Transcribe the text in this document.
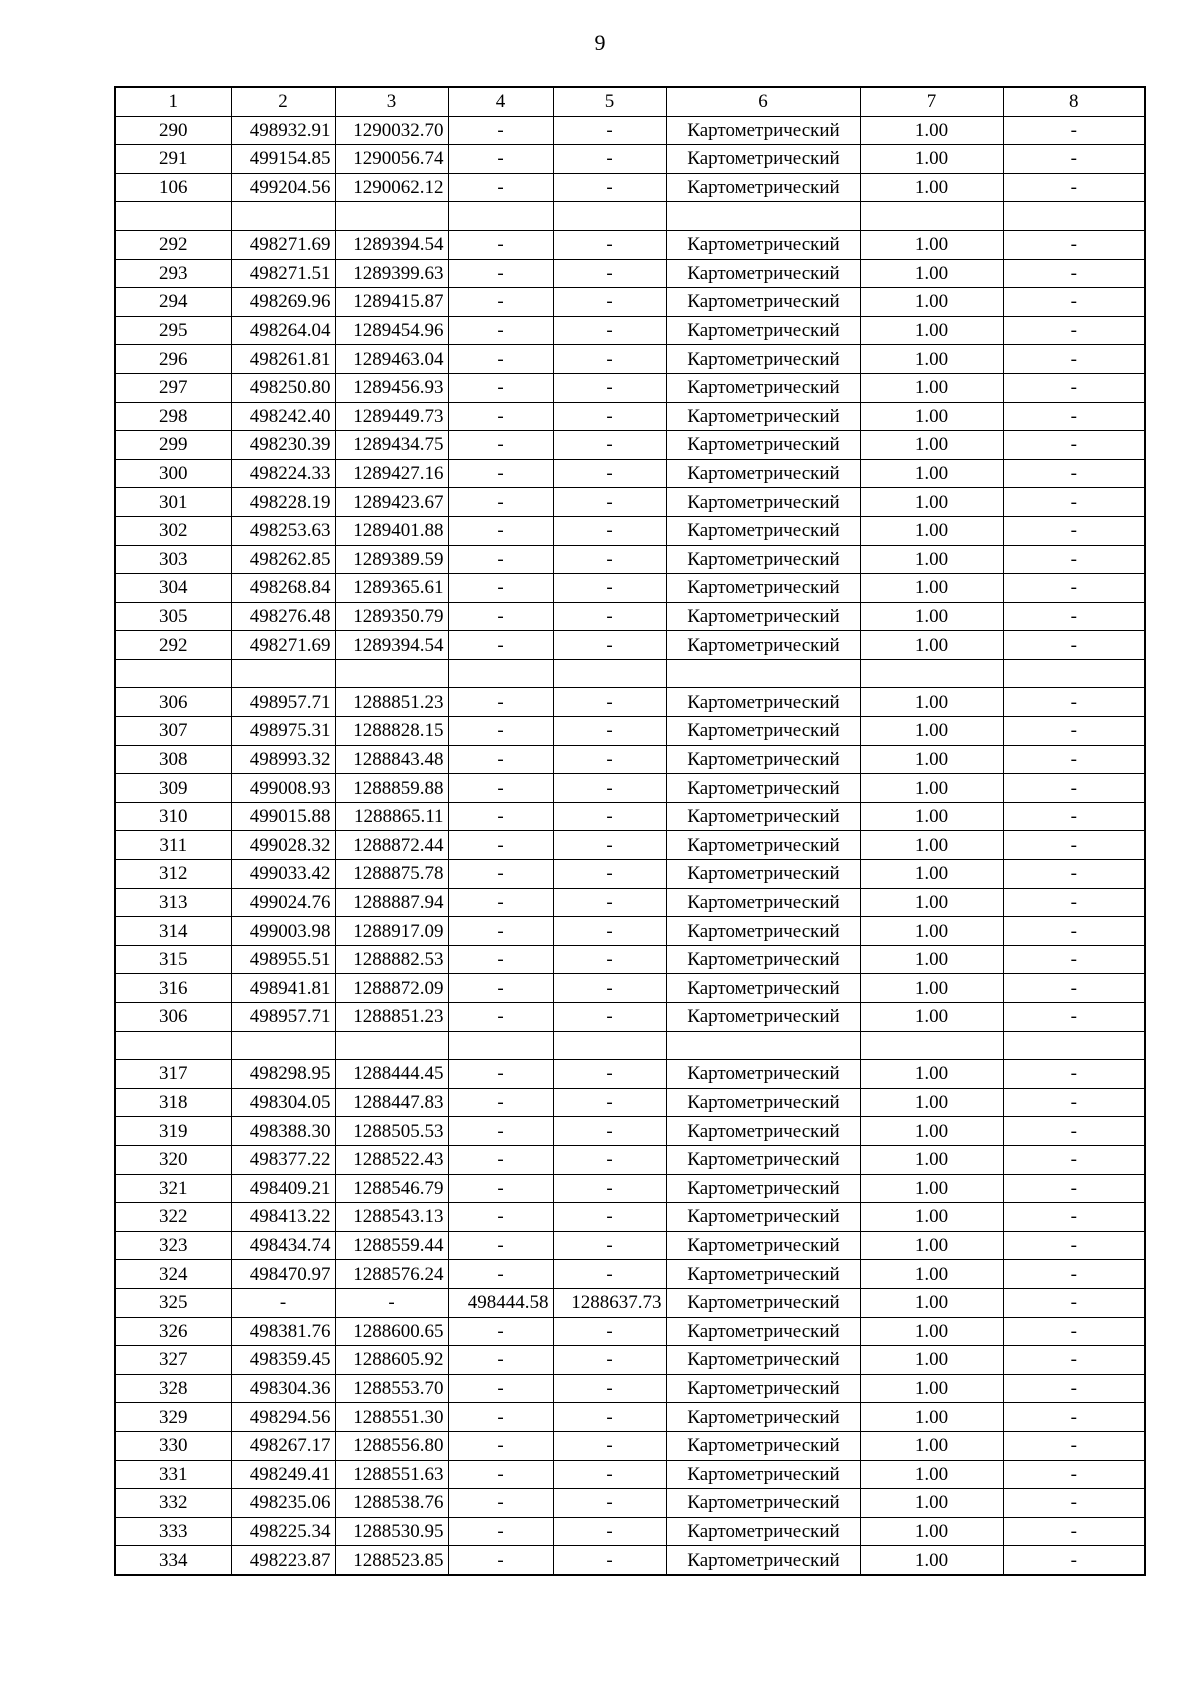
9
1	2	3	4	5	6	7	8
290	498932.91	1290032.70	-	-	Картометрический	1.00	-
291	499154.85	1290056.74	-	-	Картометрический	1.00	-
106	499204.56	1290062.12	-	-	Картометрический	1.00	-

292	498271.69	1289394.54	-	-	Картометрический	1.00	-
293	498271.51	1289399.63	-	-	Картометрический	1.00	-
294	498269.96	1289415.87	-	-	Картометрический	1.00	-
295	498264.04	1289454.96	-	-	Картометрический	1.00	-
296	498261.81	1289463.04	-	-	Картометрический	1.00	-
297	498250.80	1289456.93	-	-	Картометрический	1.00	-
298	498242.40	1289449.73	-	-	Картометрический	1.00	-
299	498230.39	1289434.75	-	-	Картометрический	1.00	-
300	498224.33	1289427.16	-	-	Картометрический	1.00	-
301	498228.19	1289423.67	-	-	Картометрический	1.00	-
302	498253.63	1289401.88	-	-	Картометрический	1.00	-
303	498262.85	1289389.59	-	-	Картометрический	1.00	-
304	498268.84	1289365.61	-	-	Картометрический	1.00	-
305	498276.48	1289350.79	-	-	Картометрический	1.00	-
292	498271.69	1289394.54	-	-	Картометрический	1.00	-

306	498957.71	1288851.23	-	-	Картометрический	1.00	-
307	498975.31	1288828.15	-	-	Картометрический	1.00	-
308	498993.32	1288843.48	-	-	Картометрический	1.00	-
309	499008.93	1288859.88	-	-	Картометрический	1.00	-
310	499015.88	1288865.11	-	-	Картометрический	1.00	-
311	499028.32	1288872.44	-	-	Картометрический	1.00	-
312	499033.42	1288875.78	-	-	Картометрический	1.00	-
313	499024.76	1288887.94	-	-	Картометрический	1.00	-
314	499003.98	1288917.09	-	-	Картометрический	1.00	-
315	498955.51	1288882.53	-	-	Картометрический	1.00	-
316	498941.81	1288872.09	-	-	Картометрический	1.00	-
306	498957.71	1288851.23	-	-	Картометрический	1.00	-

317	498298.95	1288444.45	-	-	Картометрический	1.00	-
318	498304.05	1288447.83	-	-	Картометрический	1.00	-
319	498388.30	1288505.53	-	-	Картометрический	1.00	-
320	498377.22	1288522.43	-	-	Картометрический	1.00	-
321	498409.21	1288546.79	-	-	Картометрический	1.00	-
322	498413.22	1288543.13	-	-	Картометрический	1.00	-
323	498434.74	1288559.44	-	-	Картометрический	1.00	-
324	498470.97	1288576.24	-	-	Картометрический	1.00	-
325	-	-	498444.58	1288637.73	Картометрический	1.00	-
326	498381.76	1288600.65	-	-	Картометрический	1.00	-
327	498359.45	1288605.92	-	-	Картометрический	1.00	-
328	498304.36	1288553.70	-	-	Картометрический	1.00	-
329	498294.56	1288551.30	-	-	Картометрический	1.00	-
330	498267.17	1288556.80	-	-	Картометрический	1.00	-
331	498249.41	1288551.63	-	-	Картометрический	1.00	-
332	498235.06	1288538.76	-	-	Картометрический	1.00	-
333	498225.34	1288530.95	-	-	Картометрический	1.00	-
334	498223.87	1288523.85	-	-	Картометрический	1.00	-
